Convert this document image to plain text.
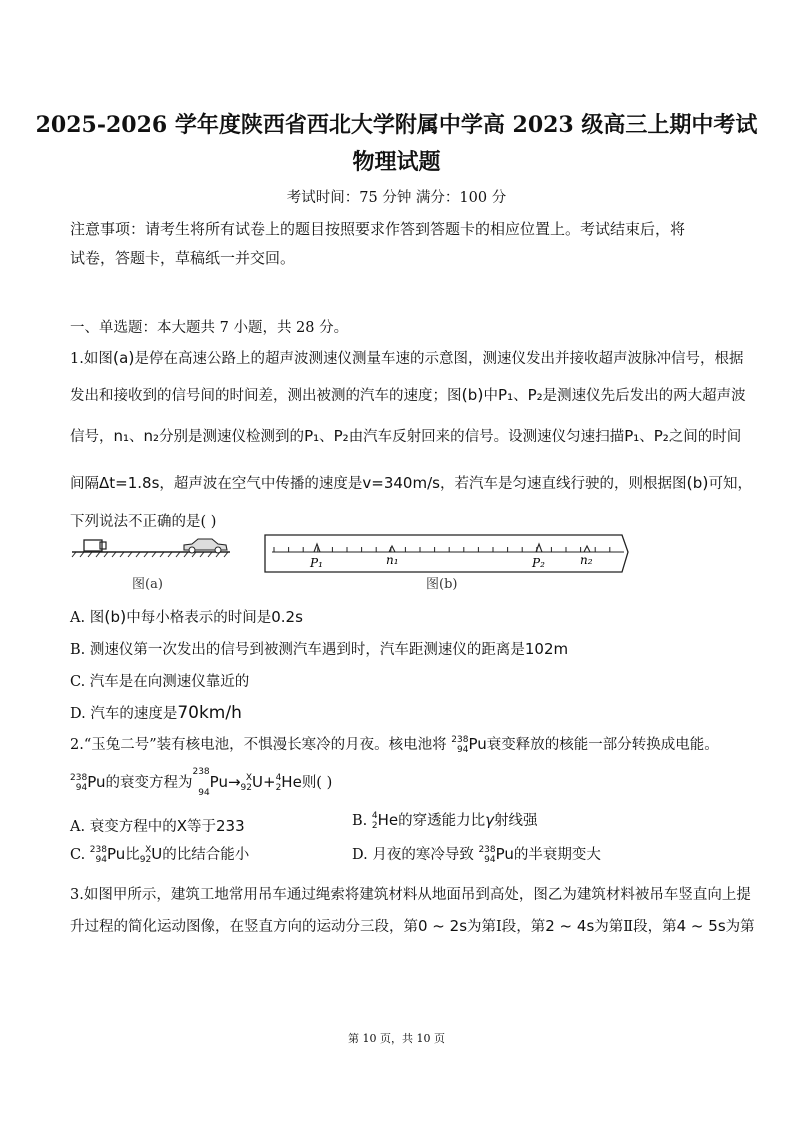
2025-2026 学年度陕西省西北大学附属中学高 2023 级高三上期中考试
物理试题
考试时间：75 分钟 满分：100 分
注意事项：请考生将所有试卷上的题目按照要求作答到答题卡的相应位置上。考试结束后，将
试卷，答题卡，草稿纸一并交回。
一、单选题：本大题共 7 小题，共 28 分。
1.如图(a)是停在高速公路上的超声波测速仪测量车速的示意图，测速仪发出并接收超声波脉冲信号，根据
发出和接收到的信号间的时间差，测出被测的汽车的速度；图(b)中P₁、P₂是测速仪先后发出的两大超声波
信号，n₁、n₂分别是测速仪检测到的P₁、P₂由汽车反射回来的信号。设测速仪匀速扫描P₁、P₂之间的时间
间隔Δt=1.8s，超声波在空气中传播的速度是v=340m/s，若汽车是匀速直线行驶的，则根据图(b)可知，
下列说法不正确的是( )
图(a)
P₁	n₁	P₂	n₂
图(b)
A. 图(b)中每小格表示的时间是0.2s
B. 测速仪第一次发出的信号到被测汽车遇到时，汽车距测速仪的距离是102m
C. 汽车是在向测速仪靠近的
D. 汽车的速度是70km/h
2.“玉兔二号”装有核电池，不惧漫长寒冷的月夜。核电池将 238
94 Pu衰变释放的核能一部分转换成电能。
238
94 Pu的衰变方程为
238
94
Pu→ X
92 U+ 4
2 He则( )
A. 衰变方程中的X等于233	B. 4
2 He的穿透能力比γ射线强
C. 238
94 Pu比 X
92 U的比结合能小	D. 月夜的寒冷导致 238
94 Pu的半衰期变大
3.如图甲所示，建筑工地常用吊车通过绳索将建筑材料从地面吊到高处，图乙为建筑材料被吊车竖直向上提
升过程的简化运动图像，在竖直方向的运动分三段，第0 ~ 2s为第Ⅰ段，第2 ~ 4s为第Ⅱ段，第4 ~ 5s为第
第 10 页，共 10 页
